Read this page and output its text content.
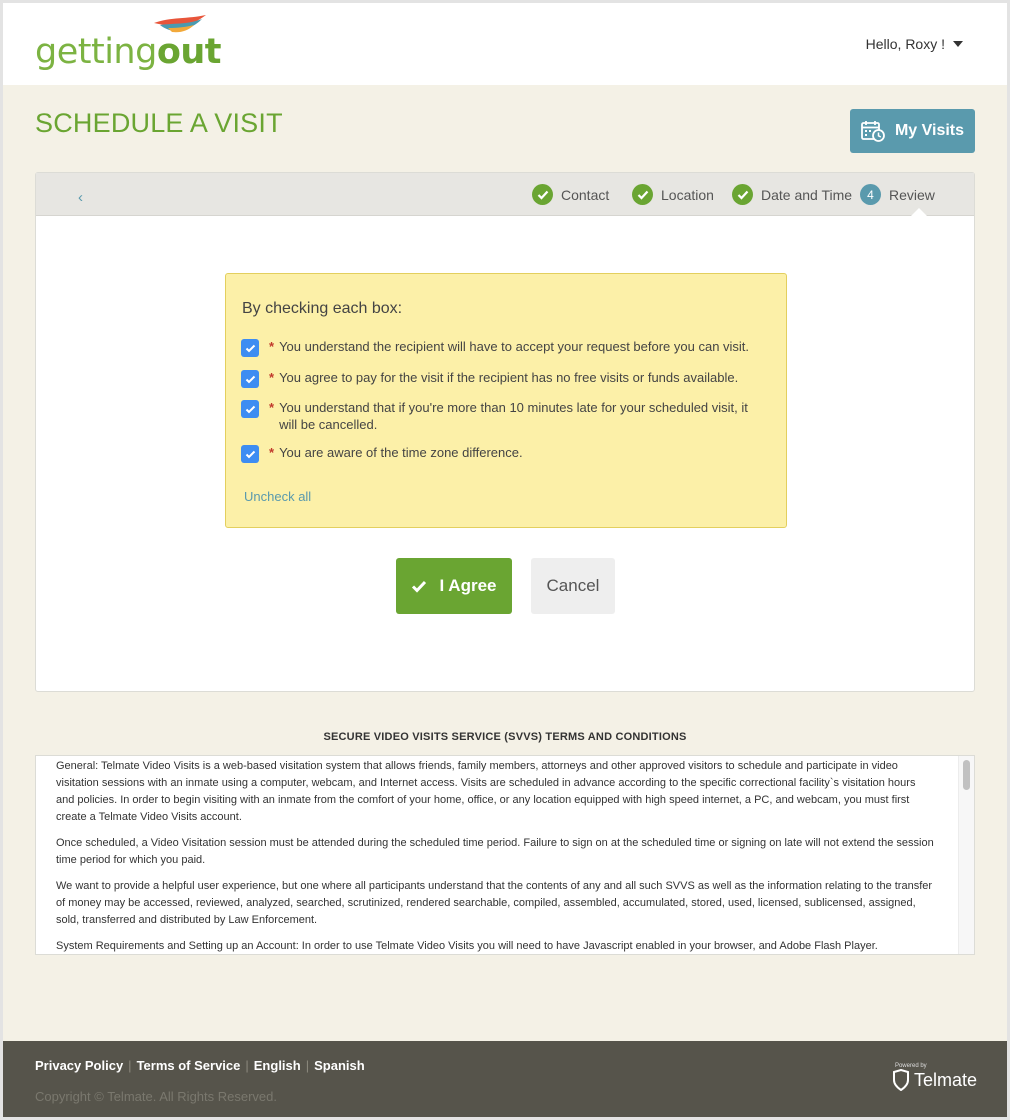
gettingout	Hello, Roxy !
SCHEDULE A VISIT	My Visits
‹	Contact	Location	Date and Time	4	Review
By checking each box:
* You understand the recipient will have to accept your request before you can visit.
* You agree to pay for the visit if the recipient has no free visits or funds available.
* You understand that if you're more than 10 minutes late for your scheduled visit, it will be cancelled.
* You are aware of the time zone difference.
Uncheck all
I Agree	Cancel
SECURE VIDEO VISITS SERVICE (SVVS) TERMS AND CONDITIONS

General: Telmate Video Visits is a web-based visitation system that allows friends, family members, attorneys and other approved visitors to schedule and participate in video visitation sessions with an inmate using a computer, webcam, and Internet access. Visits are scheduled in advance according to the specific correctional facility`s visitation hours and policies. In order to begin visiting with an inmate from the comfort of your home, office, or any location equipped with high speed internet, a PC, and webcam, you must first create a Telmate Video Visits account.

Once scheduled, a Video Visitation session must be attended during the scheduled time period. Failure to sign on at the scheduled time or signing on late will not extend the session time period for which you paid.

We want to provide a helpful user experience, but one where all participants understand that the contents of any and all such SVVS as well as the information relating to the transfer of money may be accessed, reviewed, analyzed, searched, scrutinized, rendered searchable, compiled, assembled, accumulated, stored, used, licensed, sublicensed, assigned, sold, transferred and distributed by Law Enforcement.

System Requirements and Setting up an Account: In order to use Telmate Video Visits you will need to have Javascript enabled in your browser, and Adobe Flash Player.

Privacy Policy | Terms of Service | English | Spanish
Copyright © Telmate. All Rights Reserved.
Powered by
Telmate
